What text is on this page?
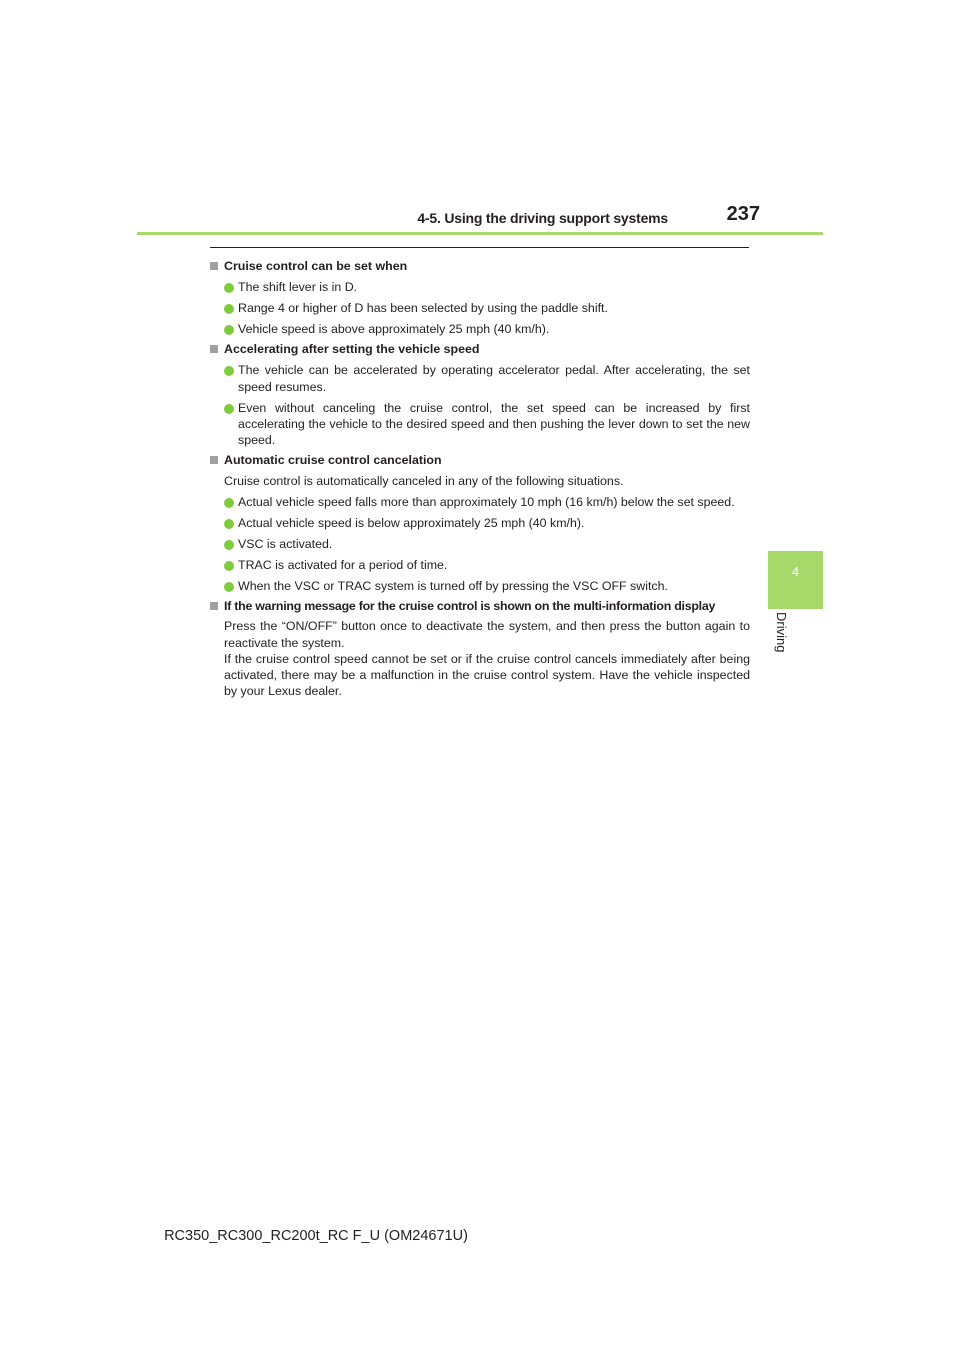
4-5. Using the driving support systems	237
4
Driving

Cruise control can be set when

The shift lever is in D.
Range 4 or higher of D has been selected by using the paddle shift.
Vehicle speed is above approximately 25 mph (40 km/h).

Accelerating after setting the vehicle speed

The vehicle can be accelerated by operating accelerator pedal. After accelerating, the set speed resumes.
Even without canceling the cruise control, the set speed can be increased by first accelerating the vehicle to the desired speed and then pushing the lever down to set the new speed.

Automatic cruise control cancelation

Cruise control is automatically canceled in any of the following situations.

Actual vehicle speed falls more than approximately 10 mph (16 km/h) below the set speed.
Actual vehicle speed is below approximately 25 mph (40 km/h).
VSC is activated.
TRAC is activated for a period of time.
When the VSC or TRAC system is turned off by pressing the VSC OFF switch.

If the warning message for the cruise control is shown on the multi-information display

Press the “ON/OFF” button once to deactivate the system, and then press the button again to reactivate the system.

If the cruise control speed cannot be set or if the cruise control cancels immediately after being activated, there may be a malfunction in the cruise control system. Have the vehicle inspected by your Lexus dealer.

RC350_RC300_RC200t_RC F_U (OM24671U)
